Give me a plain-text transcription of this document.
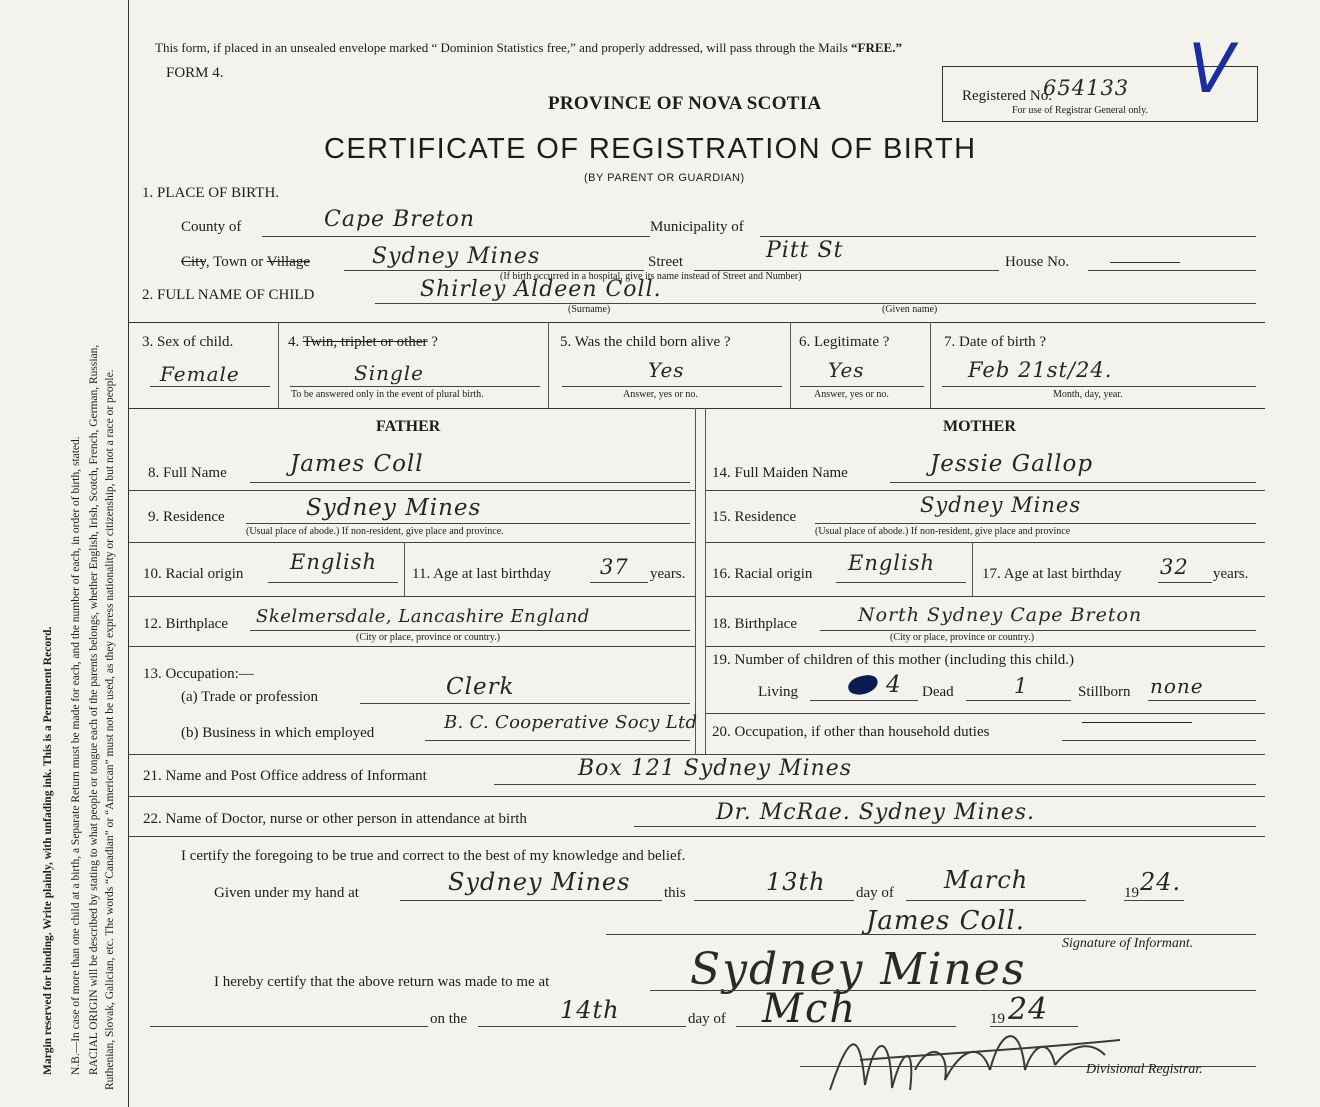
Margin reserved for binding. Write plainly, with unfading ink. This is a Permanent Record. N.B.—In case of more than one child at a birth, a Separate Return must be made for each, and the number of each, in order of birth, stated. RACIAL ORIGIN will be described by stating to what people or tongue each of the parents belongs, whether English, Irish, Scotch, French, German, Russian, Ruthenian, Slovak, Galician, etc. The words “Canadian” or “American” must not be used, as they express nationality or citizenship, but not a race or people.
This form, if placed in an unsealed envelope marked “ Dominion Statistics free,” and properly addressed, will pass through the Mails “FREE.”
FORM 4.
PROVINCE OF NOVA SCOTIA
CERTIFICATE OF REGISTRATION OF BIRTH
(BY PARENT OR GUARDIAN)
Registered No.
654133
For use of Registrar General only.
V
1. PLACE OF BIRTH.
County of	Cape Breton	Municipality of
City, Town or Village	Sydney Mines	Street	Pitt St
(If birth occurred in a hospital, give its name instead of Street and Number)
House No.
2. FULL NAME OF CHILD	Shirley Aldeen Coll.
(Surname)	(Given name)
3. Sex of child.
Female
4. Twin, triplet or other ?
Single
To be answered only in the event of plural birth.
5. Was the child born alive ?
Yes
Answer, yes or no.
6. Legitimate ?
Yes
Answer, yes or no.
7. Date of birth ?
Feb 21st/24.
Month, day, year.
FATHER	MOTHER
8. Full Name	James Coll
9. Residence	Sydney Mines
(Usual place of abode.) If non-resident, give place and province.
10. Racial origin English 11. Age at last birthday 37 years.
12. Birthplace Skelmersdale, Lancashire England
(City or place, province or country.)
13. Occupation:—
(a) Trade or profession	Clerk
(b) Business in which employed	B. C. Cooperative Socy Ltd
14. Full Maiden Name	Jessie Gallop
15. Residence	Sydney Mines
(Usual place of abode.) If non-resident, give place and province
16. Racial origin English	17. Age at last birthday 32 years.
18. Birthplace	North Sydney Cape Breton
(City or place, province or country.)
19. Number of children of this mother (including this child.)
Living	4 Dead	1	Stillborn none
20. Occupation, if other than household duties
21. Name and Post Office address of Informant	Box 121 Sydney Mines
22. Name of Doctor, nurse or other person in attendance at birth	Dr. McRae. Sydney Mines.
I certify the foregoing to be true and correct to the best of my knowledge and belief.
Given under my hand at	Sydney Mines this	13th day of March	19 24.
James Coll.
Signature of Informant.
I hereby certify that the above return was made to me at	Sydney Mines
on the	14th	day of Mch	19 24
Divisional Registrar.
